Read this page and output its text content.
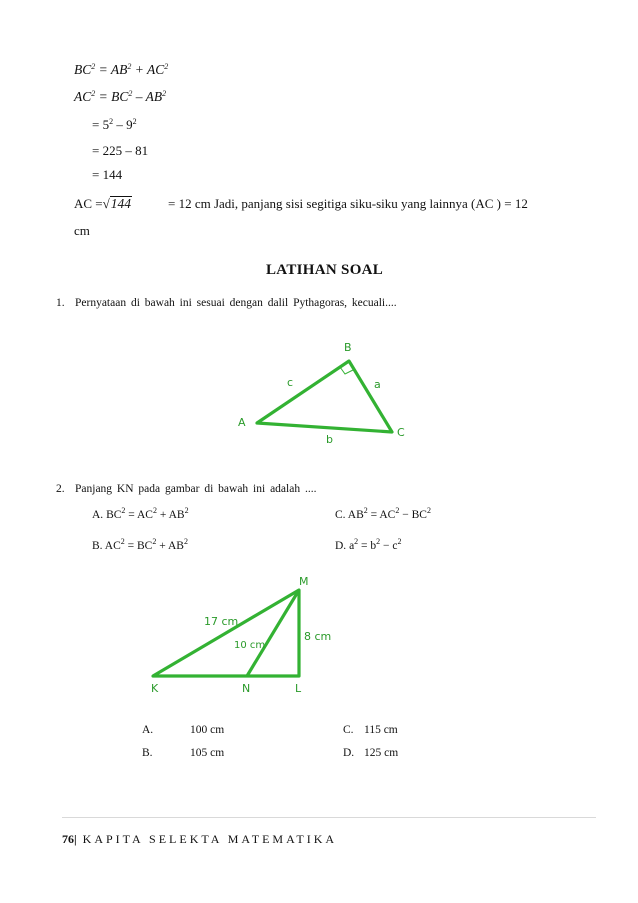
$BC^2 = AB^2 + AC^2$
$AC^2 = BC^2 - AB^2$
= $5^2 - 9^2$
= 225 – 81
= 144
AC =√144	= 12 cm Jadi, panjang sisi segitiga siku-siku yang lainnya (AC ) = 12
cm
LATIHAN SOAL
1. Pernyataan di bawah ini sesuai dengan dalil Pythagoras, kecuali....
2. Panjang KN pada gambar di bawah ini adalah ....
A. $BC^2 = AC^2 + AB^2$	C. $AB^2 = AC^2 - BC^2$
B. $AC^2 = BC^2 + AB^2$	D. $a^2 = b^2 - c^2$
B
c	a
A
C
b
M
17 cm
10 cm
8 cm
K	N	L
A.	100 cm
B.	105 cm
C. 115 cm
D. 125 cm
76| KAPITA SELEKTA MATEMATIKA
